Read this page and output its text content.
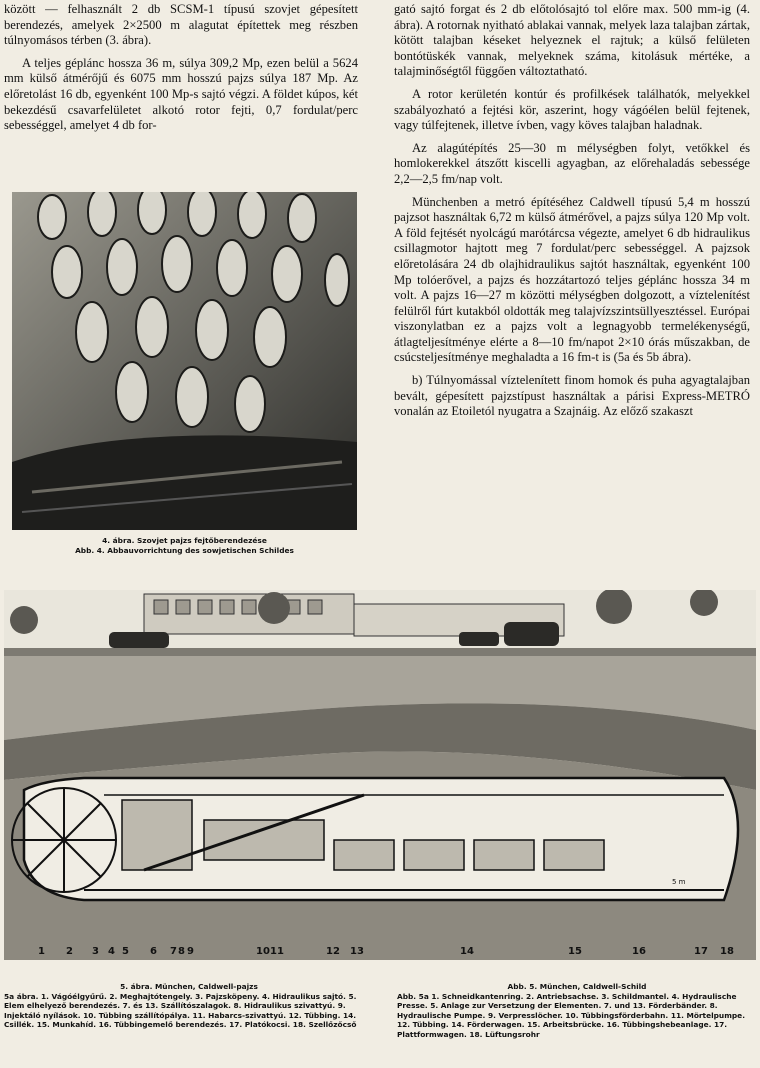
között — felhasznált 2 db SCSM-1 típusú szovjet gépesített berendezés, amelyek 2×2500 m alagutat építettek meg részben túlnyomásos térben (3. ábra).

A teljes géplánc hossza 36 m, súlya 309,2 Mp, ezen belül a 5624 mm külső átmérőjű és 6075 mm hosszú pajzs súlya 187 Mp. Az előretolást 16 db, egyenként 100 Mp-s sajtó végzi. A földet kúpos, két bekezdésű csavarfelületet alkotó rotor fejti, 0,7 fordulat/perc sebességgel, amelyet 4 db for-

4. ábra. Szovjet pajzs fejtőberendezése
Abb. 4. Abbauvorrichtung des sowjetischen Schildes

gató sajtó forgat és 2 db előtolósajtó tol előre max. 500 mm-ig (4. ábra). A rotornak nyitható ablakai vannak, melyek laza talajban zártak, kötött talajban késeket helyeznek el rajtuk; a külső felületen bontótüskék vannak, melyeknek száma, kitolásuk mértéke, a talajminőségtől függően változtatható.

A rotor kerületén kontúr és profilkések találhatók, melyekkel szabályozható a fejtési kör, aszerint, hogy vágóélen belül fejtenek, vagy túlfejtenek, illetve ívben, vagy köves talajban haladnak.

Az alagútépítés 25—30 m mélységben folyt, vetőkkel és homlokerekkel átszőtt kiscelli agyagban, az előrehaladás sebessége 2,2—2,5 fm/nap volt.

Münchenben a metró építéséhez Caldwell típusú 5,4 m hosszú pajzsot használtak 6,72 m külső átmérővel, a pajzs súlya 120 Mp volt. A föld fejtését nyolcágú marótárcsa végezte, amelyet 6 db hidraulikus csillagmotor hajtott meg 7 fordulat/perc sebességgel. A pajzsok előretolására 24 db olajhidraulikus sajtót használtak, egyenként 100 Mp tolóerővel, a pajzs és hozzátartozó teljes géplánc hossza 34 m volt. A pajzs 16—27 m közötti mélységben dolgozott, a víztelenítést felülről fúrt kutakból oldották meg talajvízszintsüllyesztéssel. Európai viszonylatban ez a pajzs volt a legnagyobb termelékenységű, átlagteljesítménye elérte a 8—10 fm/napot 2×10 órás műszakban, de csúcsteljesítménye meghaladta a 16 fm-t is (5a és 5b ábra).

b) Túlnyomással víztelenített finom homok és puha agyagtalajban bevált, gépesített pajzstípust használtak a párisi Express-METRÓ vonalán az Etoiletól nyugatra a Szajnáig. Az előző szakaszt

1 2 3 4 5 6 7 8 9	10 11	12 13	14	15	16	17 18
5 m
5. ábra. München, Caldwell-pajzs
5a ábra. 1. Vágóélgyűrű. 2. Meghajtótengely. 3. Pajzsköpeny. 4. Hidraulikus sajtó. 5. Elem elhelyező berendezés. 7. és 13. Szállítószalagok. 8. Hidraulikus szivattyú. 9. Injektáló nyílások. 10. Tübbing szállítópálya. 11. Habarcs-szivattyú. 12. Tübbing. 14. Csillék. 15. Munkahíd. 16. Tübbingemelő berendezés. 17. Platókocsi. 18. Szellőzőcső
Abb. 5. München, Caldwell-Schild
Abb. 5a 1. Schneidkantenring. 2. Antriebsachse. 3. Schildmantel. 4. Hydraulische Presse. 5. Anlage zur Versetzung der Elementen. 7. und 13. Förderbänder. 8. Hydraulische Pumpe. 9. Verpresslöcher. 10. Tübbingsförderbahn. 11. Mörtelpumpe. 12. Tübbing. 14. Förderwagen. 15. Arbeitsbrücke. 16. Tübbingshebeanlage. 17. Plattformwagen. 18. Lüftungsrohr
